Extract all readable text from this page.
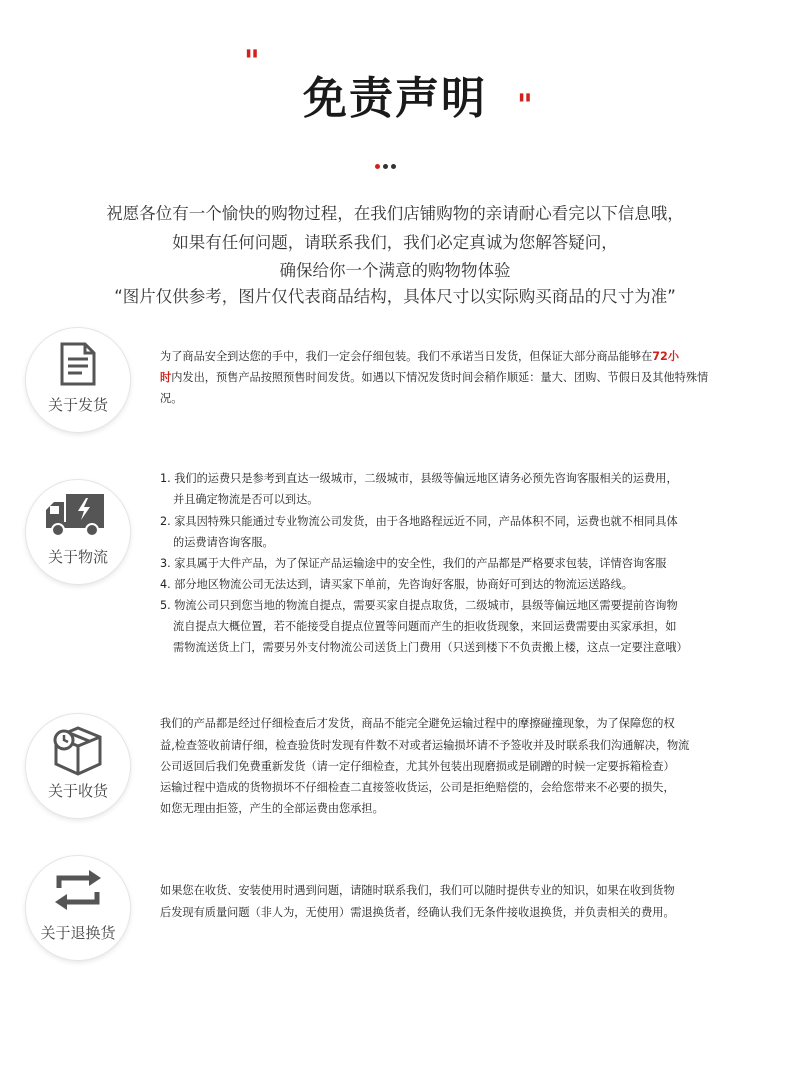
"
免责声明	"
祝愿各位有一个愉快的购物过程，在我们店铺购物的亲请耐心看完以下信息哦，
如果有任何问题，请联系我们，我们必定真诚为您解答疑问，
确保给你一个满意的购物物体验
“图片仅供参考，图片仅代表商品结构，具体尺寸以实际购买商品的尺寸为准”
关于发货
为了商品安全到达您的手中，我们一定会仔细包装。我们不承诺当日发货，但保证大部分商品能够在72小
时内发出，预售产品按照预售时间发货。如遇以下情况发货时间会稍作顺延：量大、团购、节假日及其他特殊情况。
关于物流
1. 我们的运费只是参考到直达一级城市，二级城市，县级等偏远地区请务必预先咨询客服相关的运费用，
并且确定物流是否可以到达。
2. 家具因特殊只能通过专业物流公司发货，由于各地路程远近不同，产品体积不同，运费也就不相同具体
的运费请咨询客服。
3. 家具属于大件产品，为了保证产品运输途中的安全性，我们的产品都是严格要求包装，详情咨询客服
4. 部分地区物流公司无法达到，请买家下单前，先咨询好客服，协商好可到达的物流运送路线。
5. 物流公司只到您当地的物流自提点，需要买家自提点取货，二级城市，县级等偏远地区需要提前咨询物
流自提点大概位置，若不能接受自提点位置等问题而产生的拒收货现象，来回运费需要由买家承担，如
需物流送货上门，需要另外支付物流公司送货上门费用（只送到楼下不负责搬上楼，这点一定要注意哦）
关于收货
我们的产品都是经过仔细检查后才发货，商品不能完全避免运输过程中的摩擦碰撞现象，为了保障您的权
益,检查签收前请仔细，检查验货时发现有件数不对或者运输损坏请不予签收并及时联系我们沟通解决，物流
公司返回后我们免费重新发货（请一定仔细检查，尤其外包装出现磨损或是刷蹭的时候一定要拆箱检查）
运输过程中造成的货物损坏不仔细检查二直接签收货运，公司是拒绝赔偿的，会给您带来不必要的损失，
如您无理由拒签，产生的全部运费由您承担。
关于退换货
如果您在收货、安装使用时遇到问题，请随时联系我们，我们可以随时提供专业的知识，如果在收到货物
后发现有质量问题（非人为，无使用）需退换货者，经确认我们无条件接收退换货，并负责相关的费用。
